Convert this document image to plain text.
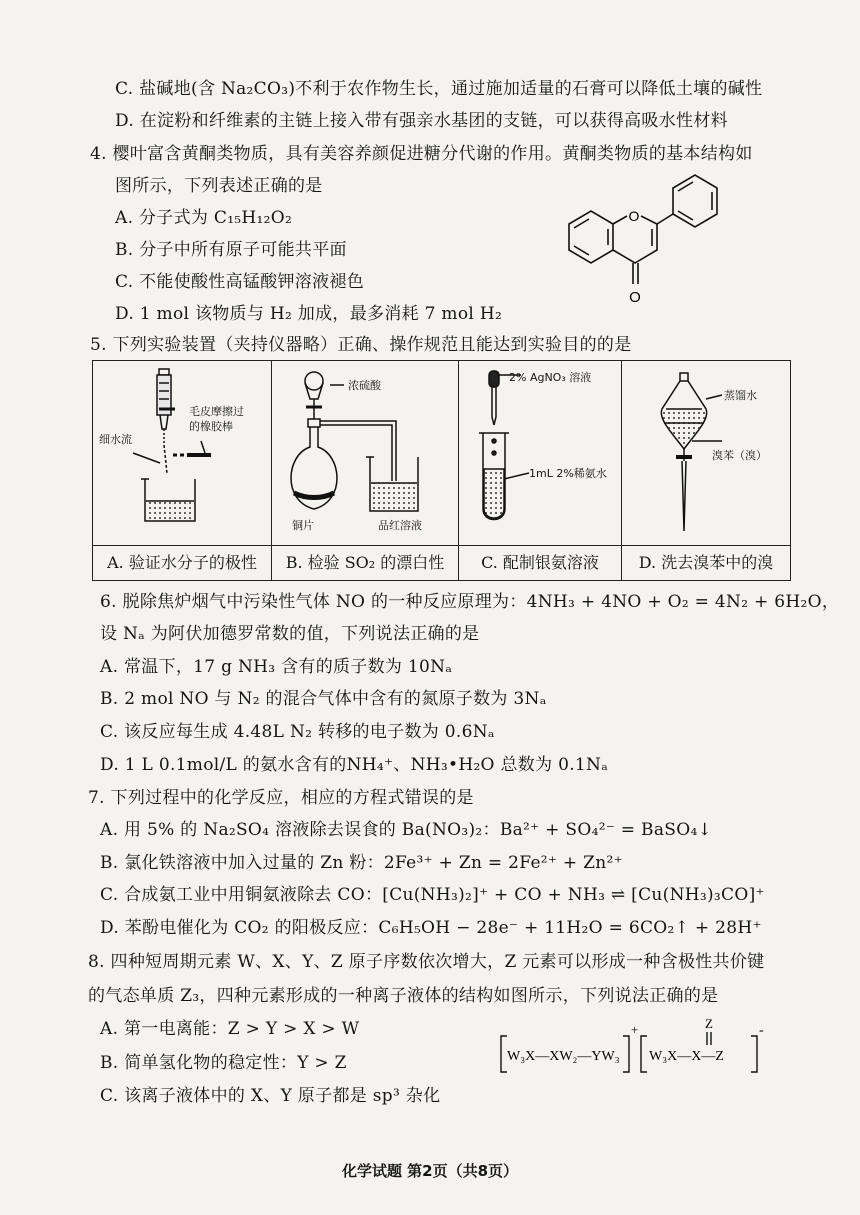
C. 盐碱地(含 Na₂CO₃)不利于农作物生长，通过施加适量的石膏可以降低土壤的碱性
D. 在淀粉和纤维素的主链上接入带有强亲水基团的支链，可以获得高吸水性材料
4. 樱叶富含黄酮类物质，具有美容养颜促进糖分代谢的作用。黄酮类物质的基本结构如
图所示，下列表述正确的是
A. 分子式为 C₁₅H₁₂O₂
B. 分子中所有原子可能共平面
C. 不能使酸性高锰酸钾溶液褪色
D. 1 mol 该物质与 H₂ 加成，最多消耗 7 mol H₂
O
O
5. 下列实验装置（夹持仪器略）正确、操作规范且能达到实验目的的是
细水流
毛皮摩擦过
的橡胶棒	浓硫酸
铜片 品红溶液	2% AgNO₃ 溶液
1mL 2%稀氨水	蒸馏水
溴苯（溴）

A. 验证水分子的极性	B. 检验 SO₂ 的漂白性	C. 配制银氨溶液	D. 洗去溴苯中的溴
6. 脱除焦炉烟气中污染性气体 NO 的一种反应原理为：4NH₃ + 4NO + O₂ = 4N₂ + 6H₂O，
设 Nₐ 为阿伏加德罗常数的值，下列说法正确的是
A. 常温下，17 g NH₃ 含有的质子数为 10Nₐ
B. 2 mol NO 与 N₂ 的混合气体中含有的氮原子数为 3Nₐ
C. 该反应每生成 4.48L N₂ 转移的电子数为 0.6Nₐ
D. 1 L 0.1mol/L 的氨水含有的NH₄⁺、NH₃•H₂O 总数为 0.1Nₐ
7. 下列过程中的化学反应，相应的方程式错误的是
A. 用 5% 的 Na₂SO₄ 溶液除去误食的 Ba(NO₃)₂：Ba²⁺ + SO₄²⁻ = BaSO₄↓
B. 氯化铁溶液中加入过量的 Zn 粉：2Fe³⁺ + Zn = 2Fe²⁺ + Zn²⁺
C. 合成氨工业中用铜氨液除去 CO：[Cu(NH₃)₂]⁺ + CO + NH₃ ⇌ [Cu(NH₃)₃CO]⁺
D. 苯酚电催化为 CO₂ 的阳极反应：C₆H₅OH − 28e⁻ + 11H₂O = 6CO₂↑ + 28H⁺
8. 四种短周期元素 W、X、Y、Z 原子序数依次增大，Z 元素可以形成一种含极性共价键
的气态单质 Z₃，四种元素形成的一种离子液体的结构如图所示，下列说法正确的是
A. 第一电离能：Z > Y > X > W
B. 简单氢化物的稳定性：Y > Z
C. 该离子液体中的 X、Y 原子都是 sp³ 杂化
W₃X—XW₂—YW₃
+
W₃X—X—Z
Z	-
化学试题 第2页（共8页）
